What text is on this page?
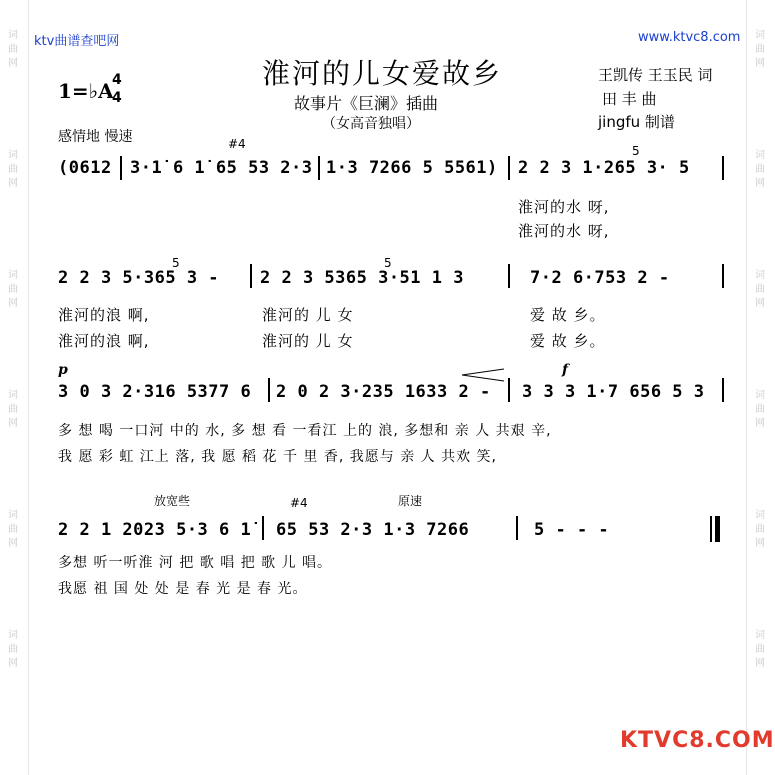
词
曲
网
词
曲
网
词
曲
网
词
曲
网
词
曲
网
词
曲
网
词
曲
网
词
曲
网
词
曲
网
词
曲
网
词
曲
网
词
曲
网
ktv曲谱查吧网	www.ktvc8.com
淮河的儿女爱故乡
故事片《巨澜》插曲
（女高音独唱）
王凯传 王玉民 词
田 丰 曲
jingfu 制谱
1=♭A
4
4
感情地 慢速	#4	5
5
(0612 3·1̇ 6 1̇ 65 53 2·3 1·3 7266 5 5561) 2 2 3 1·265 3· 5
淮河的水 呀,
淮河的水 呀,
5
2 2 3 5·365 3 - 2 2 3 5365 3·51 1 3	7·2 6·753 2 -
淮河的浪 啊,	淮河的 儿 女	爱 故 乡。
淮河的浪 啊,	淮河的 儿 女	爱 故 乡。
p	f
3 0 3 2·316 5377 6 2 0 2 3·235 1633 2 - 3 3 3 1·7 656 5 3
多 想 喝 一口河 中的 水, 多 想 看 一看江 上的 浪, 多想和 亲 人 共艰 辛,
我 愿 彩 虹 江上 落, 我 愿 稻 花 千 里 香, 我愿与 亲 人 共欢 笑,
放宽些	原速
#4
2 2 1 2023 5·3 6 1̇ 65 53 2·3 1·3 7266	5 - - -
多想 听一听淮 河 把 歌 唱 把 歌 儿 唱。
我愿 祖 国 处 处 是 春 光 是 春 光。
KTVC8.COM
